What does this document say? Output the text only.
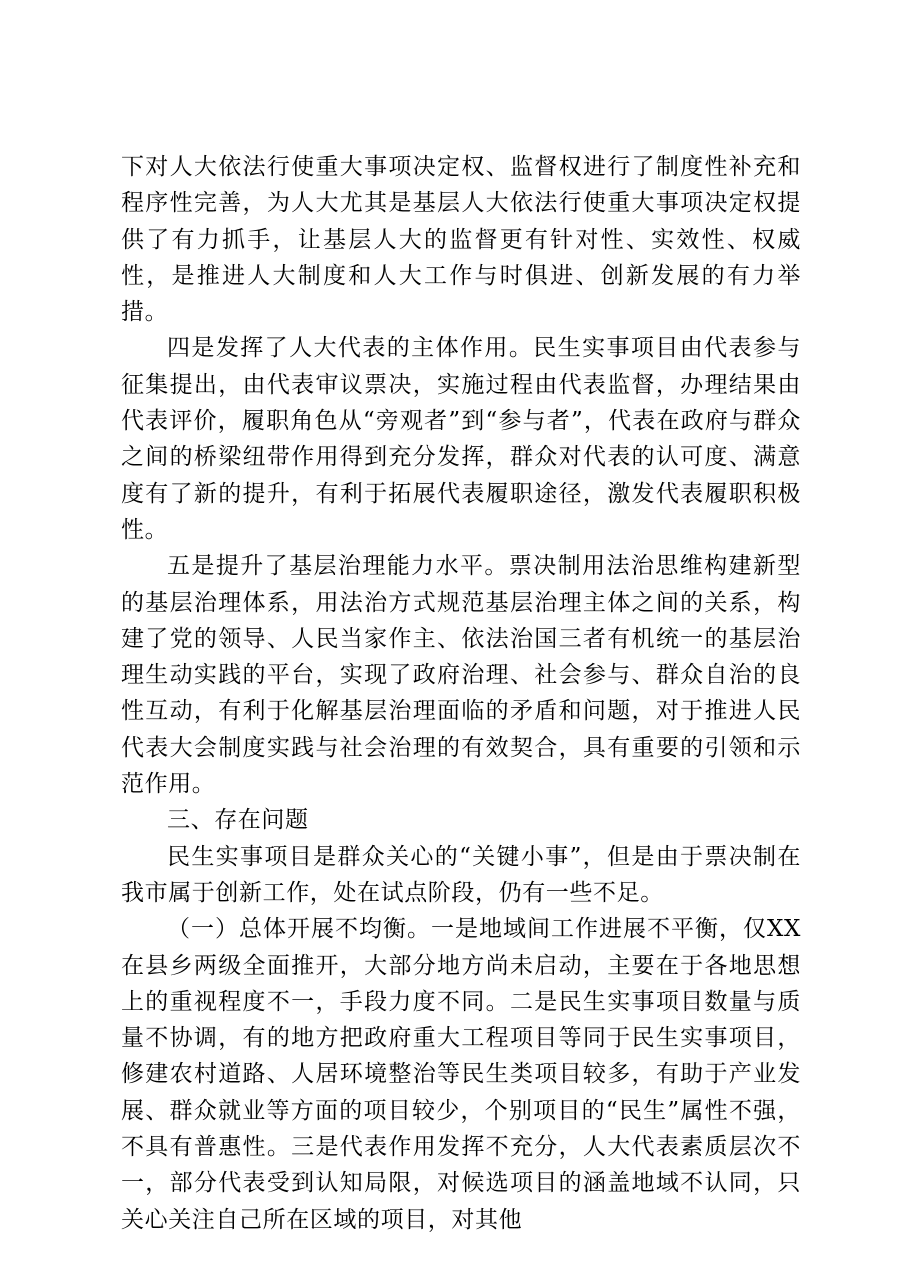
下对人大依法行使重大事项决定权、监督权进行了制度性补充和程序性完善，为人大尤其是基层人大依法行使重大事项决定权提供了有力抓手，让基层人大的监督更有针对性、实效性、权威性，是推进人大制度和人大工作与时俱进、创新发展的有力举措。

四是发挥了人大代表的主体作用。民生实事项目由代表参与征集提出，由代表审议票决，实施过程由代表监督，办理结果由代表评价，履职角色从“旁观者”到“参与者”，代表在政府与群众之间的桥梁纽带作用得到充分发挥，群众对代表的认可度、满意度有了新的提升，有利于拓展代表履职途径，激发代表履职积极性。

五是提升了基层治理能力水平。票决制用法治思维构建新型的基层治理体系，用法治方式规范基层治理主体之间的关系，构建了党的领导、人民当家作主、依法治国三者有机统一的基层治理生动实践的平台，实现了政府治理、社会参与、群众自治的良性互动，有利于化解基层治理面临的矛盾和问题，对于推进人民代表大会制度实践与社会治理的有效契合，具有重要的引领和示范作用。

三、存在问题

民生实事项目是群众关心的“关键小事”，但是由于票决制在我市属于创新工作，处在试点阶段，仍有一些不足。

（一）总体开展不均衡。一是地域间工作进展不平衡，仅XX在县乡两级全面推开，大部分地方尚未启动，主要在于各地思想上的重视程度不一，手段力度不同。二是民生实事项目数量与质量不协调，有的地方把政府重大工程项目等同于民生实事项目，修建农村道路、人居环境整治等民生类项目较多，有助于产业发展、群众就业等方面的项目较少，个别项目的“民生”属性不强，不具有普惠性。三是代表作用发挥不充分，人大代表素质层次不一，部分代表受到认知局限，对候选项目的涵盖地域不认同，只关心关注自己所在区域的项目，对其他
